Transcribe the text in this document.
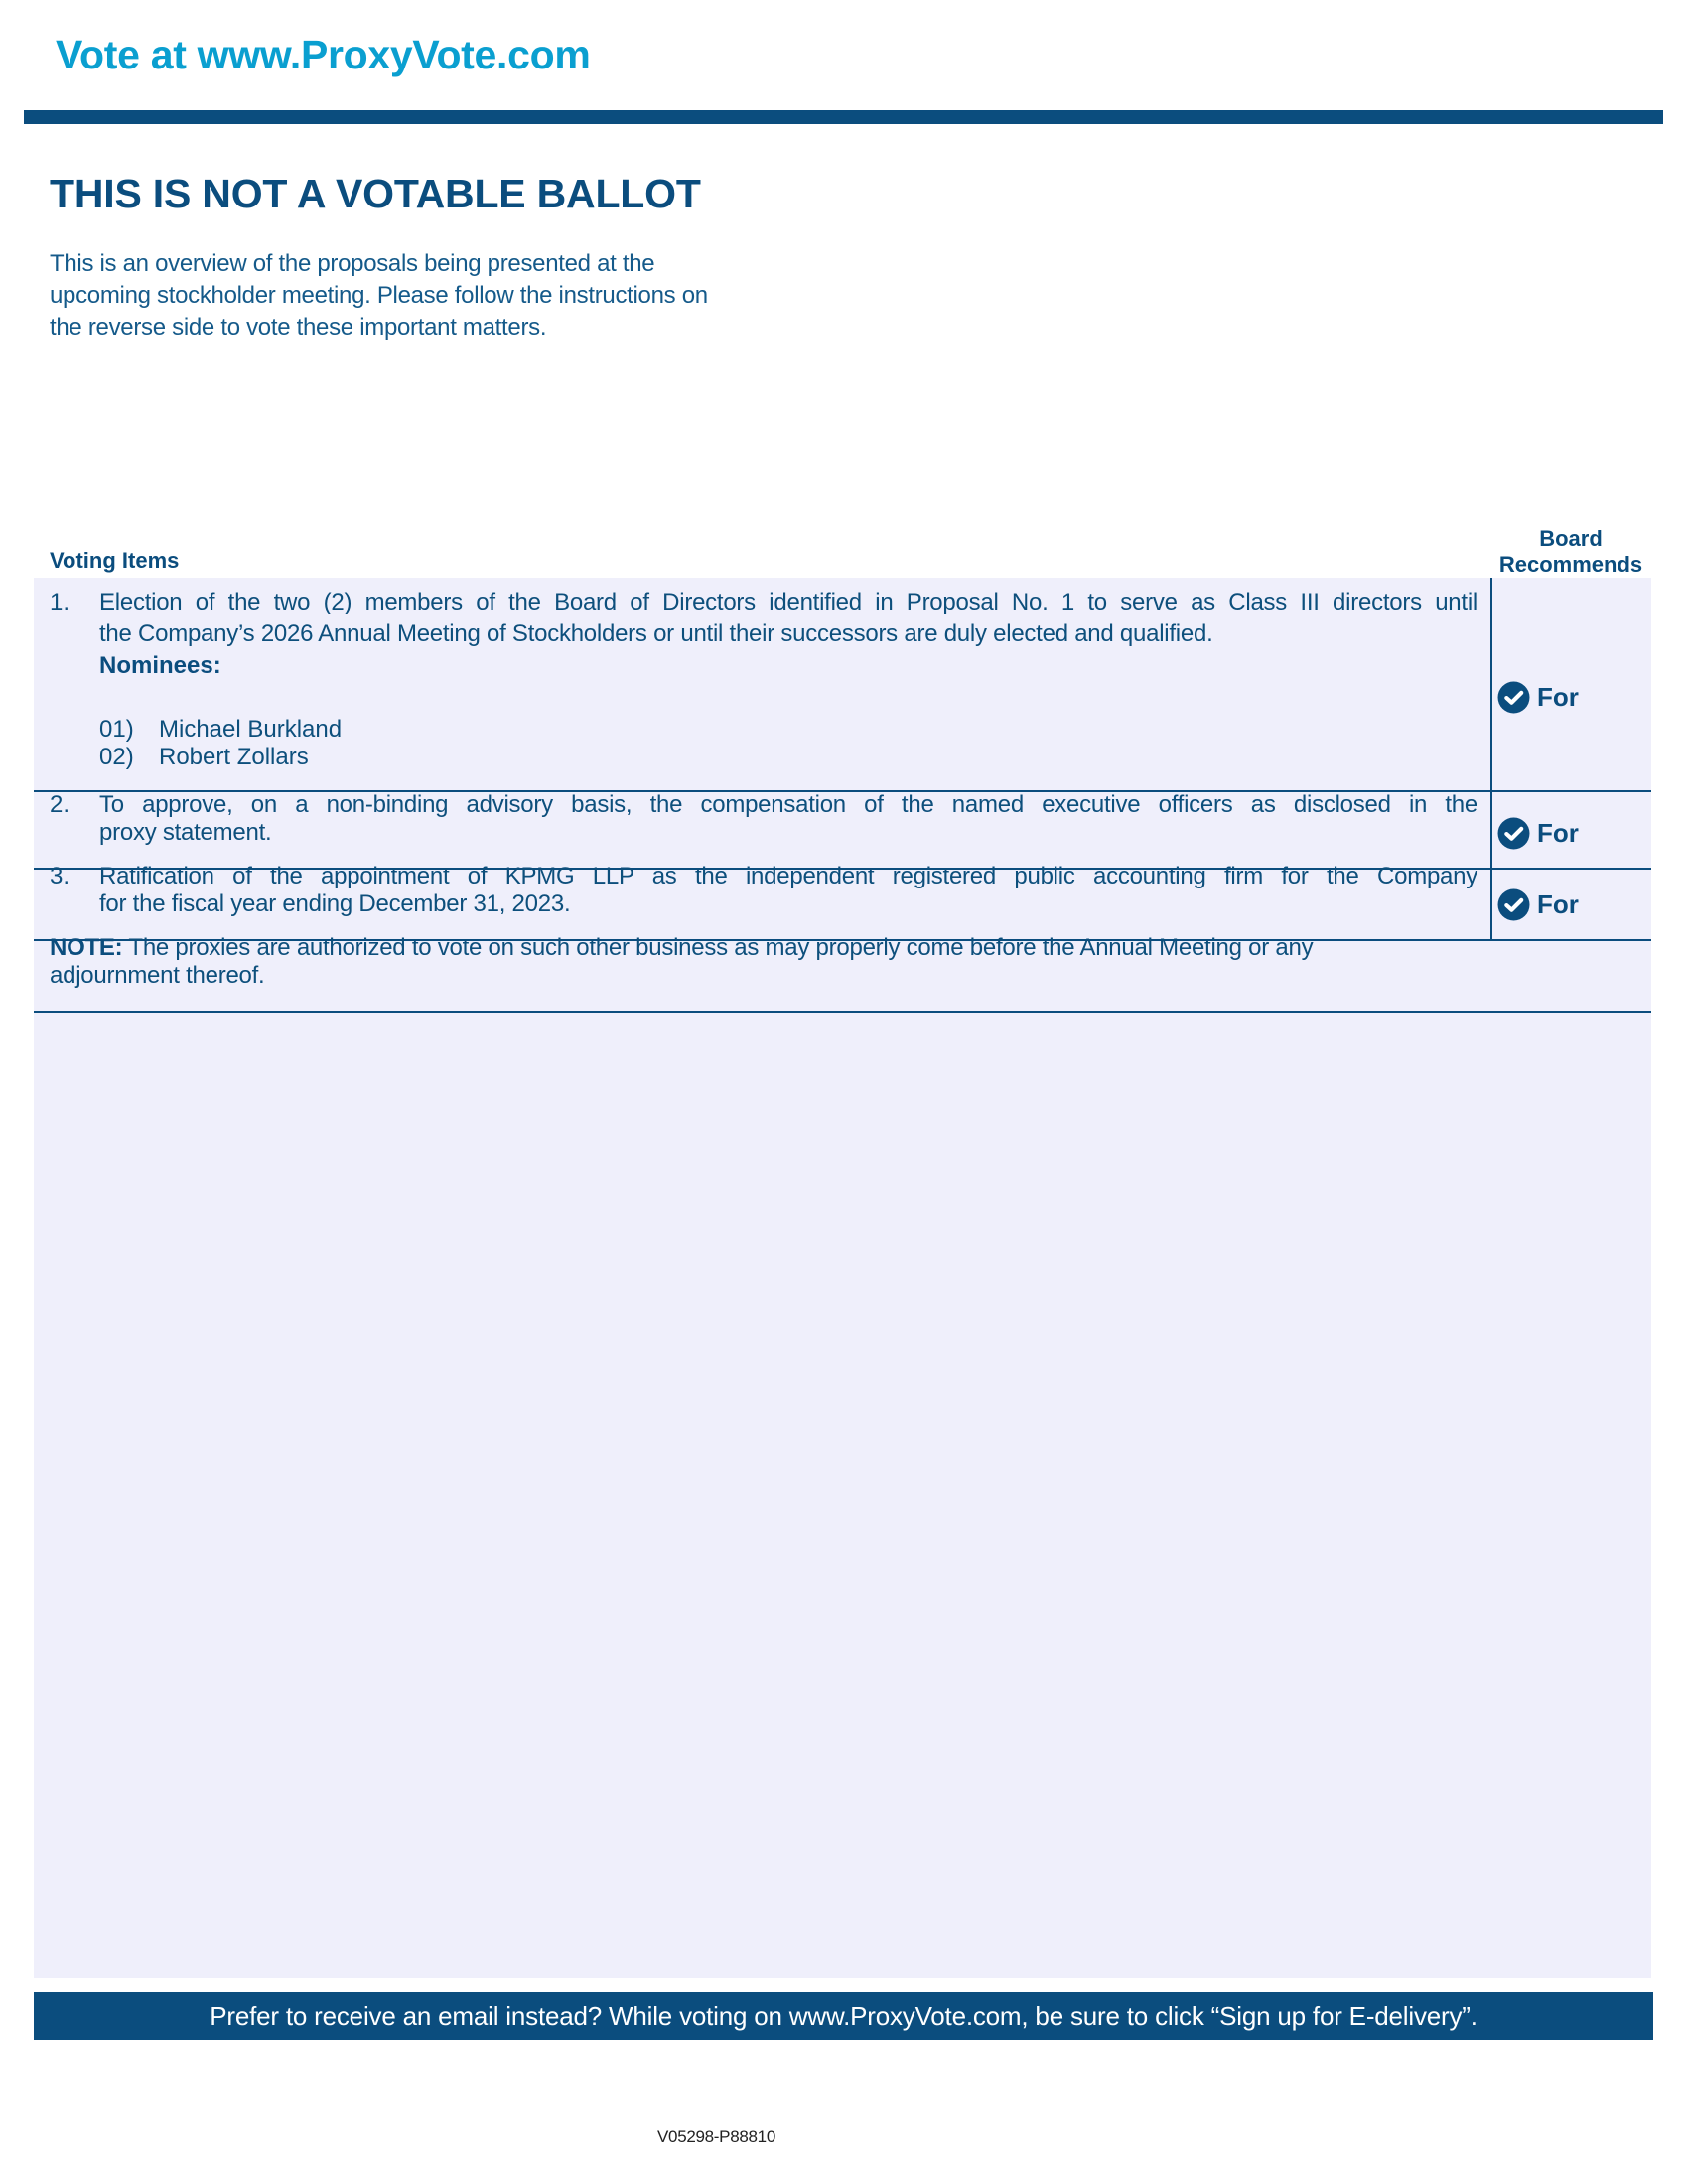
Vote at www.ProxyVote.com
THIS IS NOT A VOTABLE BALLOT
This is an overview of the proposals being presented at the
upcoming stockholder meeting. Please follow the instructions on
the reverse side to vote these important matters.
Voting Items
Board
Recommends
1. Election of the two (2) members of the Board of Directors identified in Proposal No. 1 to serve as Class III directors until
the Company’s 2026 Annual Meeting of Stockholders or until their successors are duly elected and qualified.
Nominees:
01) Michael Burkland
02) Robert Zollars
For
2. To approve, on a non-binding advisory basis, the compensation of the named executive officers as disclosed in the
proxy statement.	For
3. Ratification of the appointment of KPMG LLP as the independent registered public accounting firm for the Company
for the fiscal year ending December 31, 2023.	For
NOTE: The proxies are authorized to vote on such other business as may properly come before the Annual Meeting or any
adjournment thereof.
Prefer to receive an email instead? While voting on www.ProxyVote.com, be sure to click “Sign up for E-delivery”.
V05298-P88810
